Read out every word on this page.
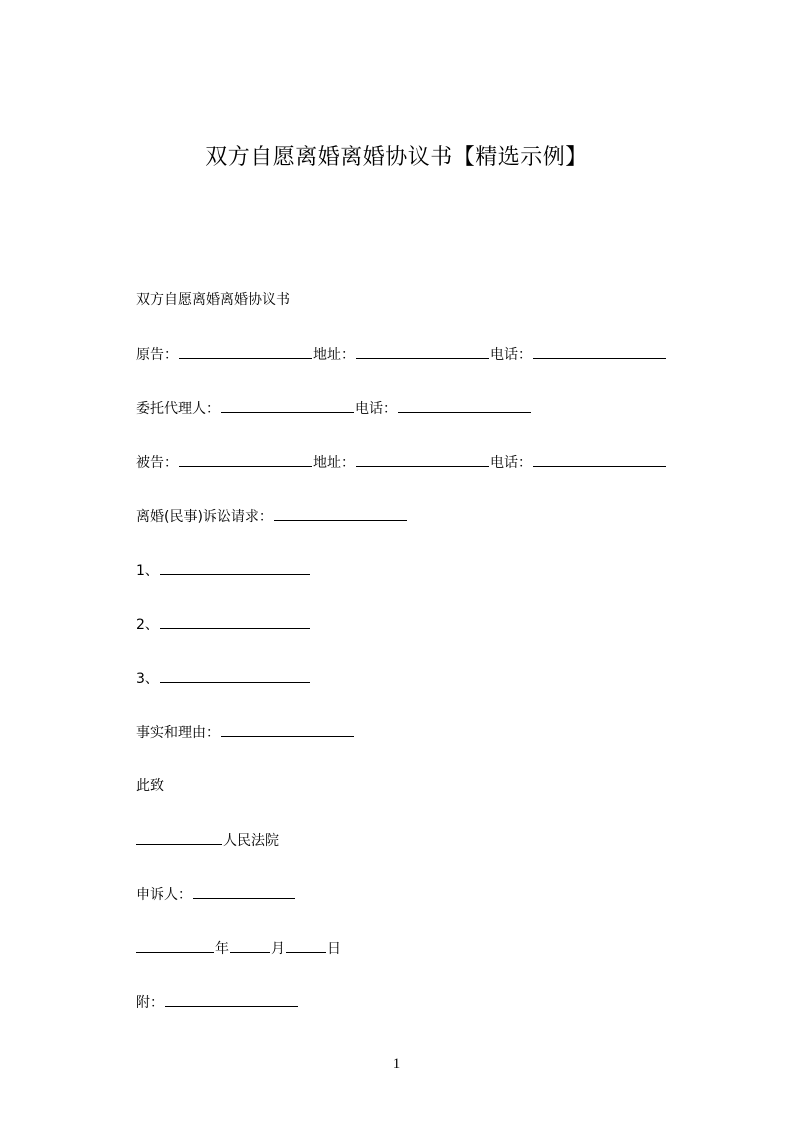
双方自愿离婚离婚协议书【精选示例】
双方自愿离婚离婚协议书
原告：	地址：	电话：
委托代理人：	电话：
被告：	地址：	电话：
离婚(民事)诉讼请求：
1、
2、
3、
事实和理由：
此致
人民法院
申诉人：
年	月	日
附：
1
